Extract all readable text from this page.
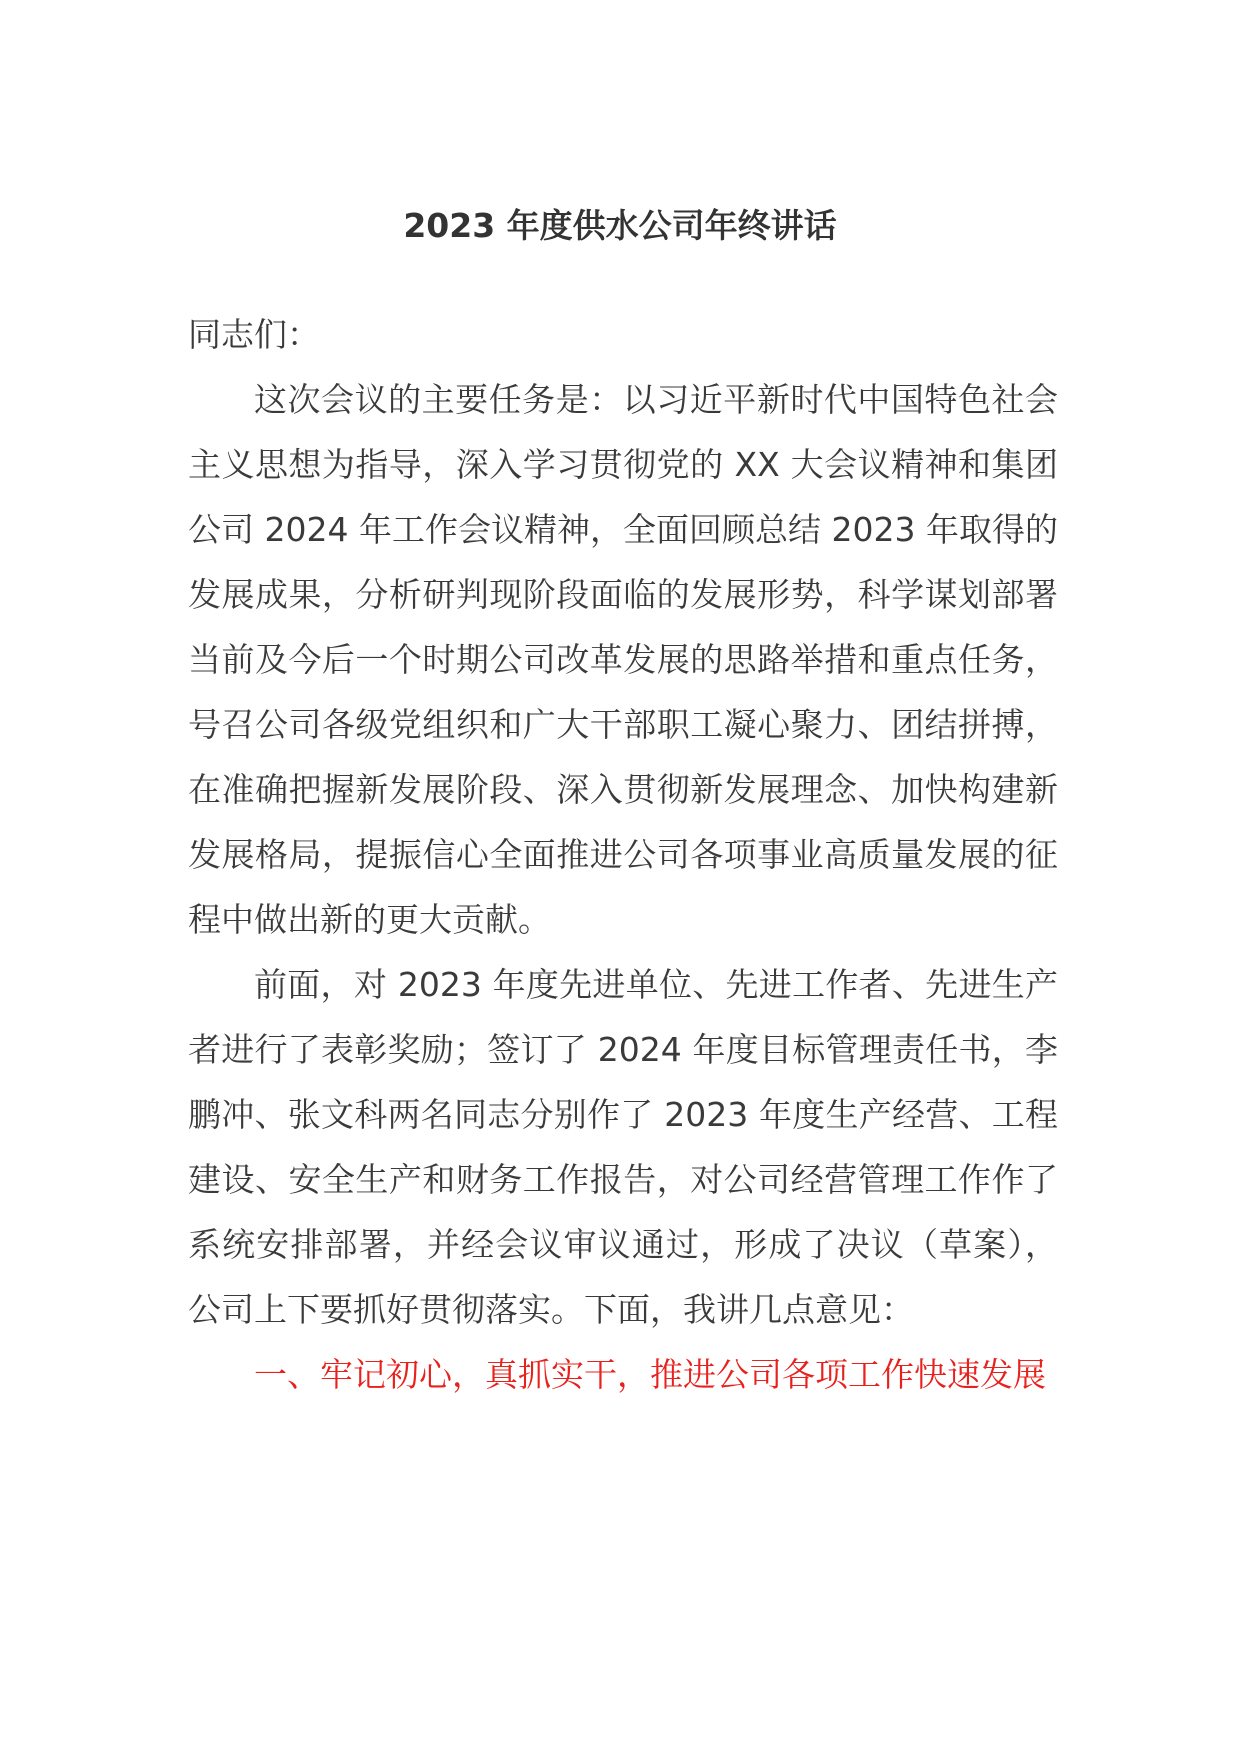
2023 年度供水公司年终讲话

同志们：

这次会议的主要任务是：以习近平新时代中国特色社会主义思想为指导，深入学习贯彻党的 XX 大会议精神和集团公司 2024 年工作会议精神，全面回顾总结 2023 年取得的发展成果，分析研判现阶段面临的发展形势，科学谋划部署当前及今后一个时期公司改革发展的思路举措和重点任务，号召公司各级党组织和广大干部职工凝心聚力、团结拼搏，在准确把握新发展阶段、深入贯彻新发展理念、加快构建新发展格局，提振信心全面推进公司各项事业高质量发展的征程中做出新的更大贡献。

前面，对 2023 年度先进单位、先进工作者、先进生产者进行了表彰奖励；签订了 2024 年度目标管理责任书，李鹏冲、张文科两名同志分别作了 2023 年度生产经营、工程建设、安全生产和财务工作报告，对公司经营管理工作作了系统安排部署，并经会议审议通过，形成了决议（草案），公司上下要抓好贯彻落实。下面，我讲几点意见：

一、牢记初心，真抓实干，推进公司各项工作快速发展
